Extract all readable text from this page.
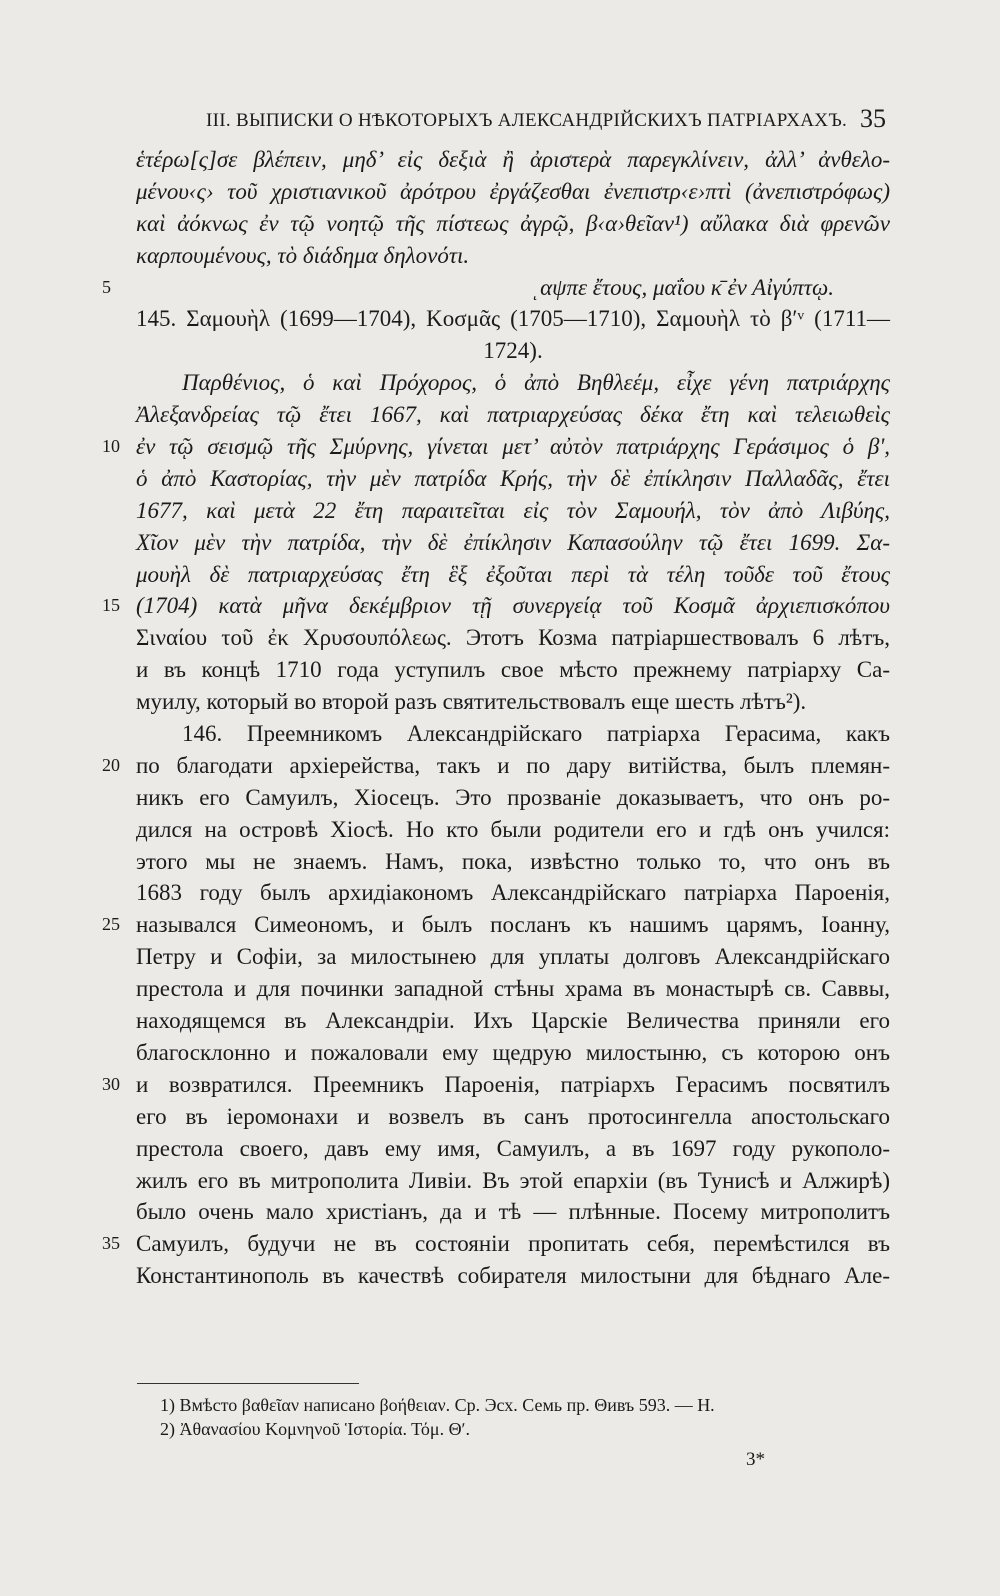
III. ВЫПИСКИ О НѢКОТОРЫХЪ АЛЕКСАНДРІЙСКИХЪ ПАТРІАРХАХЪ. 35
ἑτέρω[ς]σε βλέπειν, μηδ’ εἰς δεξιὰ ἢ ἀριστερὰ παρεγκλίνειν, ἀλλ’ ἀνθελο-
μένου‹ς› τοῦ χριστιανικοῦ ἀρότρου ἐργάζεσθαι ἐνεπιστρ‹ε›πτὶ (ἀνεπιστρόφως)
καὶ ἀόκνως ἐν τῷ νοητῷ τῆς πίστεως ἀγρῷ, β‹α›θεῖαν¹) αὔλακα διὰ φρενῶν
καρπουμένους, τὸ διάδημα δηλονότι.
5	ͺαψπε ἔτους, μαΐου κ̄ ἐν Αἰγύπτῳ.
145. Σαμουὴλ (1699—1704), Κοσμᾶς (1705—1710), Σαμουὴλ τὸ βʹᵛ (1711—
1724).
Παρθένιος, ὁ καὶ Πρόχορος, ὁ ἀπὸ Βηθλεέμ, εἶχε γένη πατριάρχης
Ἀλεξανδρείας τῷ ἔτει 1667, καὶ πατριαρχεύσας δέκα ἔτη καὶ τελειωθεὶς
10 ἐν τῷ σεισμῷ τῆς Σμύρνης, γίνεται μετ’ αὐτὸν πατριάρχης Γεράσιμος ὁ βʹ,
ὁ ἀπὸ Καστορίας, τὴν μὲν πατρίδα Κρής, τὴν δὲ ἐπίκλησιν Παλλαδᾶς, ἔτει
1677, καὶ μετὰ 22 ἔτη παραιτεῖται εἰς τὸν Σαμουήλ, τὸν ἀπὸ Λιβύης,
Χῖον μὲν τὴν πατρίδα, τὴν δὲ ἐπίκλησιν Καπασούλην τῷ ἔτει 1699. Σα-
μουὴλ δὲ πατριαρχεύσας ἔτη ἓξ ἐξοῦται περὶ τὰ τέλη τοῦδε τοῦ ἔτους
15 (1704) κατὰ μῆνα δεκέμβριον τῇ συνεργείᾳ τοῦ Κοσμᾶ ἀρχιεπισκόπου
Σιναίου τοῦ ἐκ Χρυσουπόλεως. Этотъ Козма патріаршествовалъ 6 лѣтъ,
и въ концѣ 1710 года уступилъ свое мѣсто прежнему патріарху Са-
муилу, который во второй разъ святительствовалъ еще шесть лѣтъ²).
146. Преемникомъ Александрійскаго патріарха Герасима, какъ
20 по благодати архіерейства, такъ и по дару витійства, былъ племян-
никъ его Самуилъ, Хіосецъ. Это прозваніе доказываетъ, что онъ ро-
дился на островѣ Хіосѣ. Но кто были родители его и гдѣ онъ учился:
этого мы не знаемъ. Намъ, пока, извѣстно только то, что онъ въ
1683 году былъ архидіакономъ Александрійскаго патріарха Пароенія,
25 назывался Симеономъ, и былъ посланъ къ нашимъ царямъ, Іоанну,
Петру и Софіи, за милостынею для уплаты долговъ Александрійскаго
престола и для починки западной стѣны храма въ монастырѣ св. Саввы,
находящемся въ Александріи. Ихъ Царскіе Величества приняли его
благосклонно и пожаловали ему щедрую милостыню, съ которою онъ
30 и возвратился. Преемникъ Пароенія, патріархъ Герасимъ посвятилъ
его въ іеромонахи и возвелъ въ санъ протосингелла апостольскаго
престола своего, давъ ему имя, Самуилъ, а въ 1697 году рукополо-
жилъ его въ митрополита Ливіи. Въ этой епархіи (въ Тунисѣ и Алжирѣ)
было очень мало христіанъ, да и тѣ — плѣнные. Посему митрополитъ
35 Самуилъ, будучи не въ состояніи пропитать себя, перемѣстился въ
Константинополь въ качествѣ собирателя милостыни для бѣднаго Але-
1) Вмѣсто βαθεῖαν написано βοήθειαν. Ср. Эсх. Семь пр. Θивъ 593. — Н.
2) Ἀθανασίου Κομνηνοῦ Ἱστορία. Τόμ. Θʹ.
3*
